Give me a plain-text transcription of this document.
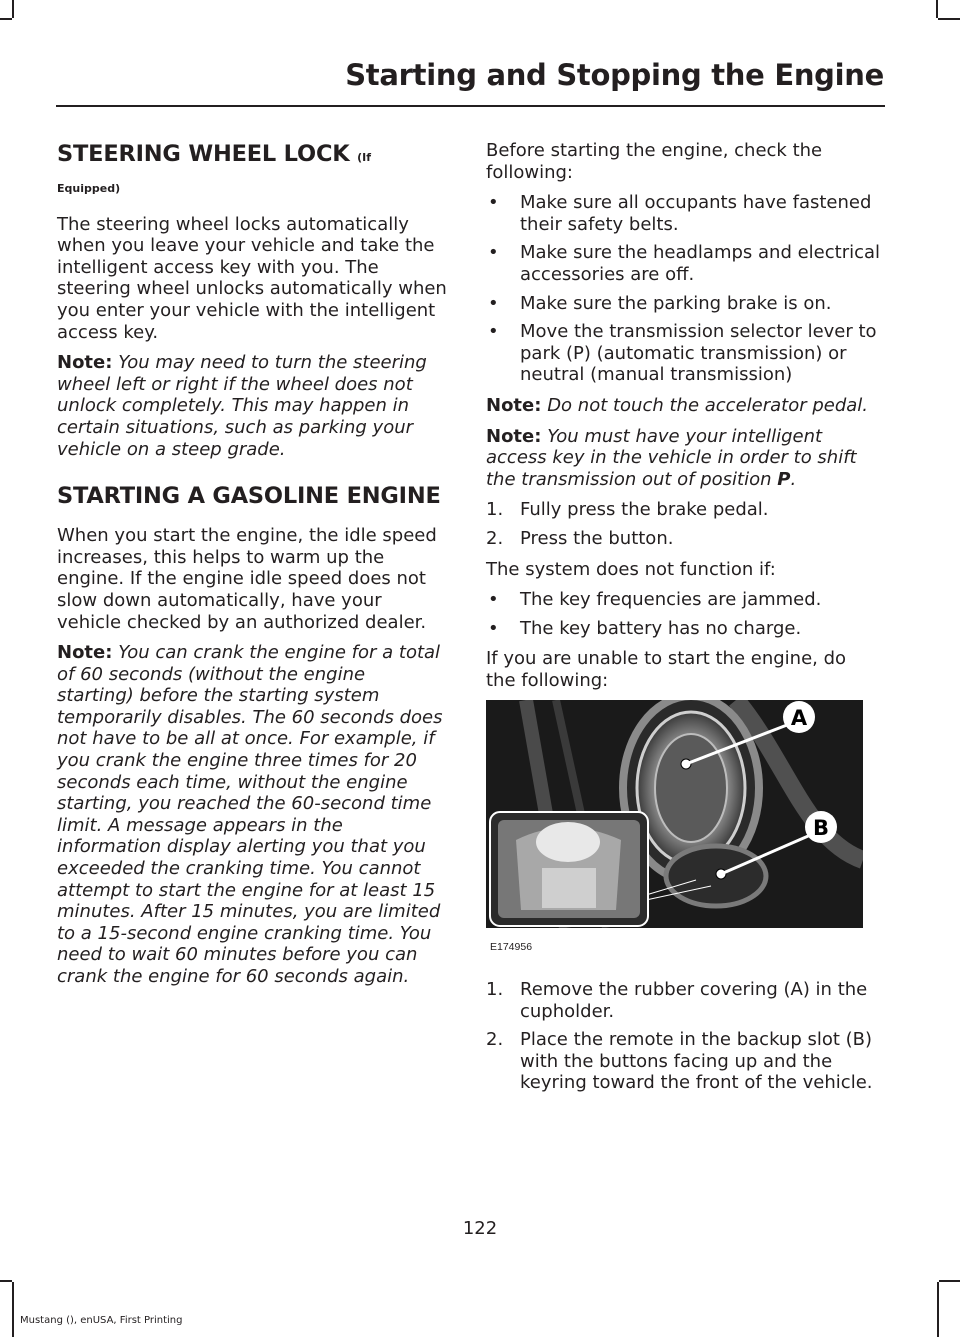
Starting and Stopping the Engine
STEERING WHEEL LOCK (If
Equipped)

The steering wheel locks automatically when you leave your vehicle and take the intelligent access key with you. The steering wheel unlocks automatically when you enter your vehicle with the intelligent access key.

Note: You may need to turn the steering wheel left or right if the wheel does not unlock completely. This may happen in certain situations, such as parking your vehicle on a steep grade.

STARTING A GASOLINE ENGINE

When you start the engine, the idle speed increases, this helps to warm up the engine. If the engine idle speed does not slow down automatically, have your vehicle checked by an authorized dealer.

Note: You can crank the engine for a total of 60 seconds (without the engine starting) before the starting system temporarily disables. The 60 seconds does not have to be all at once. For example, if you crank the engine three times for 20 seconds each time, without the engine starting, you reached the 60-second time limit. A message appears in the information display alerting you that you exceeded the cranking time. You cannot attempt to start the engine for at least 15 minutes. After 15 minutes, you are limited to a 15-second engine cranking time. You need to wait 60 minutes before you can crank the engine for 60 seconds again.

Before starting the engine, check the following:

• Make sure all occupants have fastened their safety belts.
• Make sure the headlamps and electrical accessories are off.
• Make sure the parking brake is on.
• Move the transmission selector lever to park (P) (automatic transmission) or neutral (manual transmission)

Note: Do not touch the accelerator pedal.

Note: You must have your intelligent access key in the vehicle in order to shift the transmission out of position P.

1. Fully press the brake pedal.
2. Press the button.

The system does not function if:

• The key frequencies are jammed.
• The key battery has no charge.

If you are unable to start the engine, do the following:

A
B
E174956
1. Remove the rubber covering (A) in the cupholder.
2. Place the remote in the backup slot (B) with the buttons facing up and the keyring toward the front of the vehicle.
122
Mustang (), enUSA, First Printing
